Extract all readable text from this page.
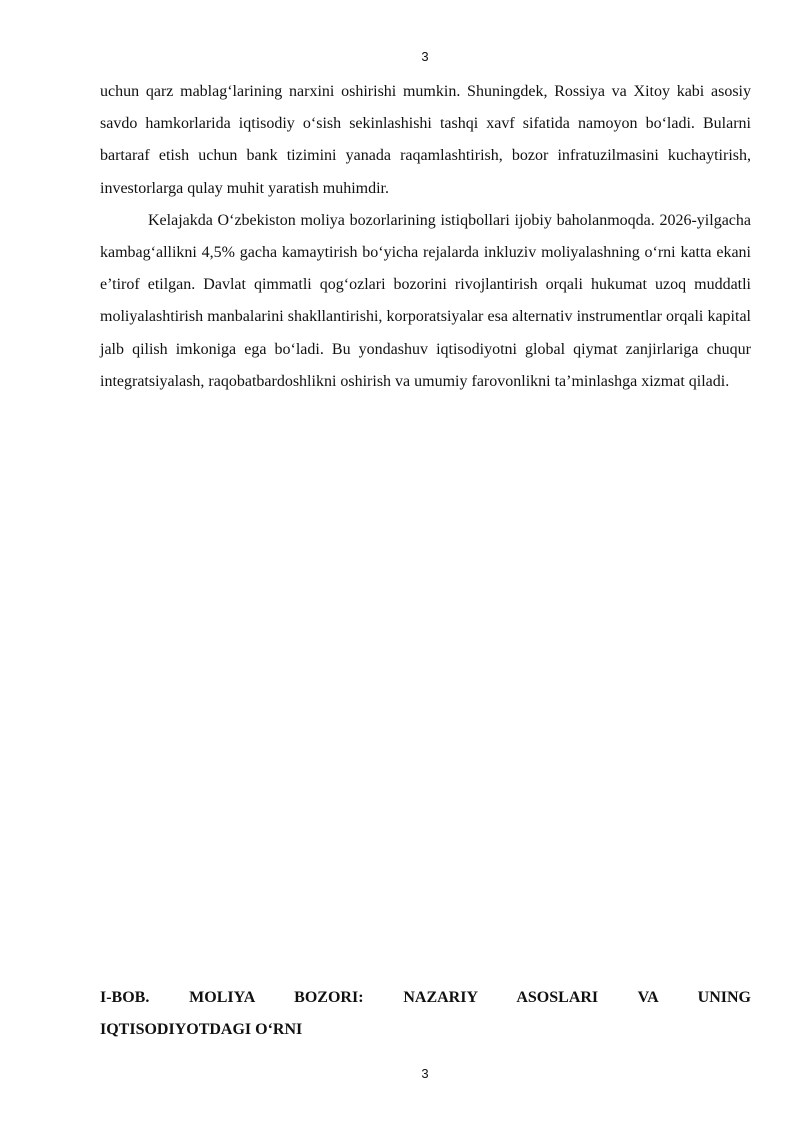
3

uchun qarz mablag‘larining narxini oshirishi mumkin. Shuningdek, Rossiya va Xitoy kabi asosiy savdo hamkorlarida iqtisodiy o‘sish sekinlashishi tashqi xavf sifatida namoyon bo‘ladi. Bularni bartaraf etish uchun bank tizimini yanada raqamlashtirish, bozor infratuzilmasini kuchaytirish, investorlarga qulay muhit yaratish muhimdir.

Kelajakda O‘zbekiston moliya bozorlarining istiqbollari ijobiy baholanmoqda. 2026-yilgacha kambag‘allikni 4,5% gacha kamaytirish bo‘yicha rejalarda inkluziv moliyalashning o‘rni katta ekani e’tirof etilgan. Davlat qimmatli qog‘ozlari bozorini rivojlantirish orqali hukumat uzoq muddatli moliyalashtirish manbalarini shakllantirishi, korporatsiyalar esa alternativ instrumentlar orqali kapital jalb qilish imkoniga ega bo‘ladi. Bu yondashuv iqtisodiyotni global qiymat zanjirlariga chuqur integratsiyalash, raqobatbardoshlikni oshirish va umumiy farovonlikni ta’minlashga xizmat qiladi.

I-BOB. MOLIYA BOZORI: NAZARIY ASOSLARI VA UNING
IQTISODIYOTDAGI O‘RNI
3
